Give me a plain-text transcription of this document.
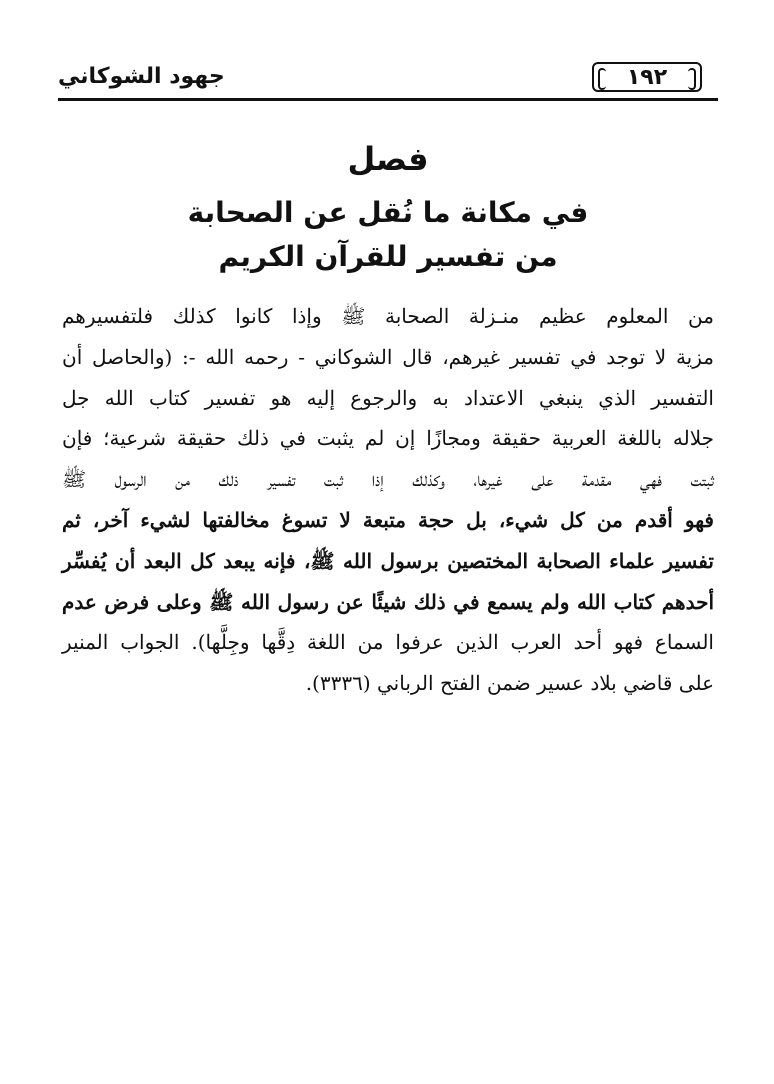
١٩٢
جهود الشوكاني
فصل
في مكانة ما نُقل عن الصحابة
من تفسير للقرآن الكريم
من المعلوم عظيم منـزلة الصحابة ﷺ وإذا كانوا كذلك فلتفسيرهم
مزية لا توجد في تفسير غيرهم، قال الشوكاني - رحمه الله -: (والحاصل أن
التفسير الذي ينبغي الاعتداد به والرجوع إليه هو تفسير كتاب الله جل
جلاله باللغة العربية حقيقة ومجازًا إن لم يثبت في ذلك حقيقة شرعية؛ فإن
ثبتت فهي مقدمة على غيرها، وكذلك إذا ثبت تفسير ذلك من الرسول ﷺ
فهو أقدم من كل شيء، بل حجة متبعة لا تسوغ مخالفتها لشيء آخر، ثم
تفسير علماء الصحابة المختصين برسول الله ﷺ، فإنه يبعد كل البعد أن يُفسِّر
أحدهم كتاب الله ولم يسمع في ذلك شيئًا عن رسول الله ﷺ وعلى فرض عدم
السماع فهو أحد العرب الذين عرفوا من اللغة دِقَّها وجِلَّها). الجواب المنير
على قاضي بلاد عسير ضمن الفتح الرباني (٣٣٣٦).
